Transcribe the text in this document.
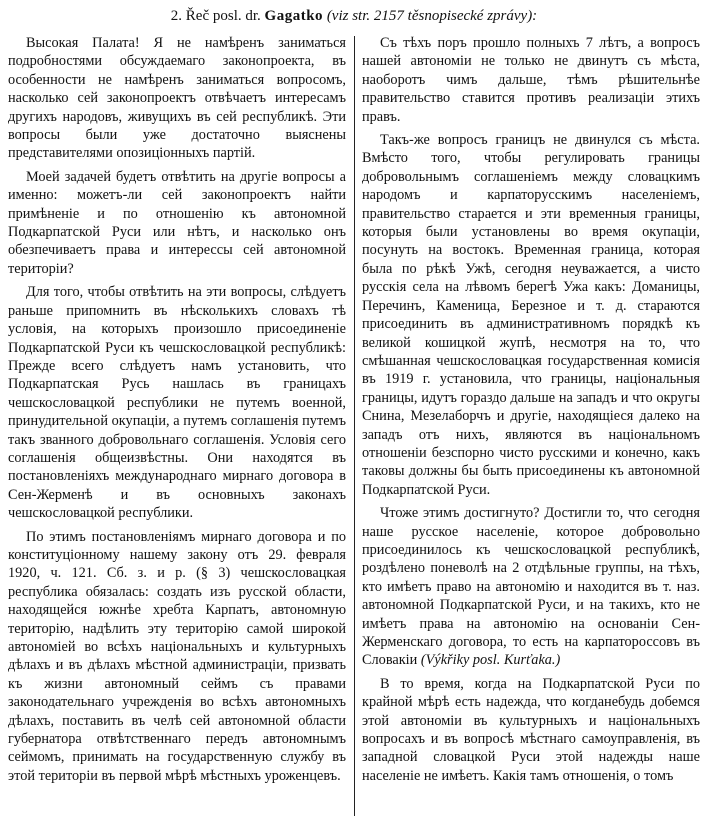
2. Řeč posl. dr. Gagatko (viz str. 2157 těsnopisecké zprávy):

Высокая Палата! Я не намѣренъ заниматься подробностями обсуждаемаго законопроекта, въ особенности не намѣренъ заниматься вопросомъ, насколько сей законопроектъ отвѣчаетъ интересамъ другихъ народовъ, живущихъ въ сей республикѣ. Эти вопросы были уже достаточно выяснены представителями опозиціонныхъ партій.

Моей задачей будетъ отвѣтить на другіе вопросы а именно: можетъ-ли сей законопроектъ найти примѣненіе и по отношенію къ автономной Подкарпатской Руси или нѣтъ, и насколько онъ обезпечиваетъ права и интерессы сей автономной територіи?

Для того, чтобы отвѣтить на эти вопросы, слѣдуетъ раньше припомнить въ нѣсколькихъ словахъ тѣ условія, на которыхъ произошло присоединеніе Подкарпатской Руси къ чешскословацкой республикѣ: Прежде всего слѣдуетъ намъ установить, что Подкарпатская Русь нашлась въ границахъ чешскословацкой республики не путемъ военной, принудительной окупаціи, а путемъ соглашенія путемъ такъ званного добровольнаго соглашенія. Условія сего соглашенія общеизвѣстны. Они находятся въ постановленіяхъ международнаго мирнаго договора в Сен-Жерменѣ и въ основныхъ законахъ чешскословацкой республики.

По этимъ постановленіямъ мирнаго договора и по конституціонному нашему закону отъ 29. февраля 1920, ч. 121. Сб. з. и р. (§ 3) чешскословацкая республика обязалась: создать изъ русской области, находящейся южнѣе хребта Карпатъ, автономную територію, надѣлить эту територію самой широкой автономіей во всѣхъ національныхъ и культурныхъ дѣлахъ и въ дѣлахъ мѣстной администраціи, призвать къ жизни автономный сеймъ съ правами законодательнаго учрежденія во всѣхъ автономныхъ дѣлахъ, поставить въ челѣ сей автономной области губернатора отвѣтственнаго передъ автономнымъ сеймомъ, принимать на государственную службу въ этой територіи въ первой мѣрѣ мѣстныхъ уроженцевъ.

Съ тѣхъ поръ прошло полныхъ 7 лѣтъ, а вопросъ нашей автономіи не только не двинутъ съ мѣста, наоборотъ чимъ дальше, тѣмъ рѣшительнѣе правительство ставится противъ реализаціи этихъ правъ.

Такъ-же вопросъ границъ не двинулся съ мѣста. Вмѣсто того, чтобы регулировать границы добровольнымъ соглашеніемъ между словацкимъ народомъ и карпаторусскимъ населеніемъ, правительство старается и эти временныя границы, которыя были установлены во время окупаціи, посунуть на востокъ. Временная граница, которая была по рѣкѣ Ужѣ, сегодня неуважается, а чисто русскія села на лѣвомъ берегѣ Ужа какъ: Доманицы, Перечинъ, Каменица, Березное и т. д. стараются присоединить въ административномъ порядкѣ къ великой кошицкой жупѣ, несмотря на то, что смѣшанная чешскословацкая государственная комисія въ 1919 г. установила, что границы, національныя границы, идутъ гораздо дальше на западъ и что округы Снина, Мезелаборчъ и другіе, находящіеся далеко на западъ отъ нихъ, являются въ національномъ отношеніи безспорно чисто русскими и конечно, какъ таковы должны бы быть присоединены къ автономной Подкарпатской Руси.

Чтоже этимъ достигнуто? Достигли то, что сегодня наше русское населеніе, которое добровольно присоединилось къ чешскословацкой республикѣ, роздѣлено поневолѣ на 2 отдѣльные группы, на тѣхъ, кто имѣетъ право на автономію и находится въ т. наз. автономной Подкарпатской Руси, и на такихъ, кто не имѣетъ права на автономію на основаніи Сен-Жерменскаго договора, то есть на карпатороссовъ въ Словакіи (Výkřiky posl. Kurťaka.)

В то время, когда на Подкарпатской Руси по крайной мѣрѣ есть надежда, что когданебудь добемся этой автономіи въ культурныхъ и національныхъ вопросахъ и въ вопросѣ мѣстнаго самоуправленія, въ западной словацкой Руси этой надежды наше населеніе не имѣетъ. Какія тамъ отношенія, о томъ
